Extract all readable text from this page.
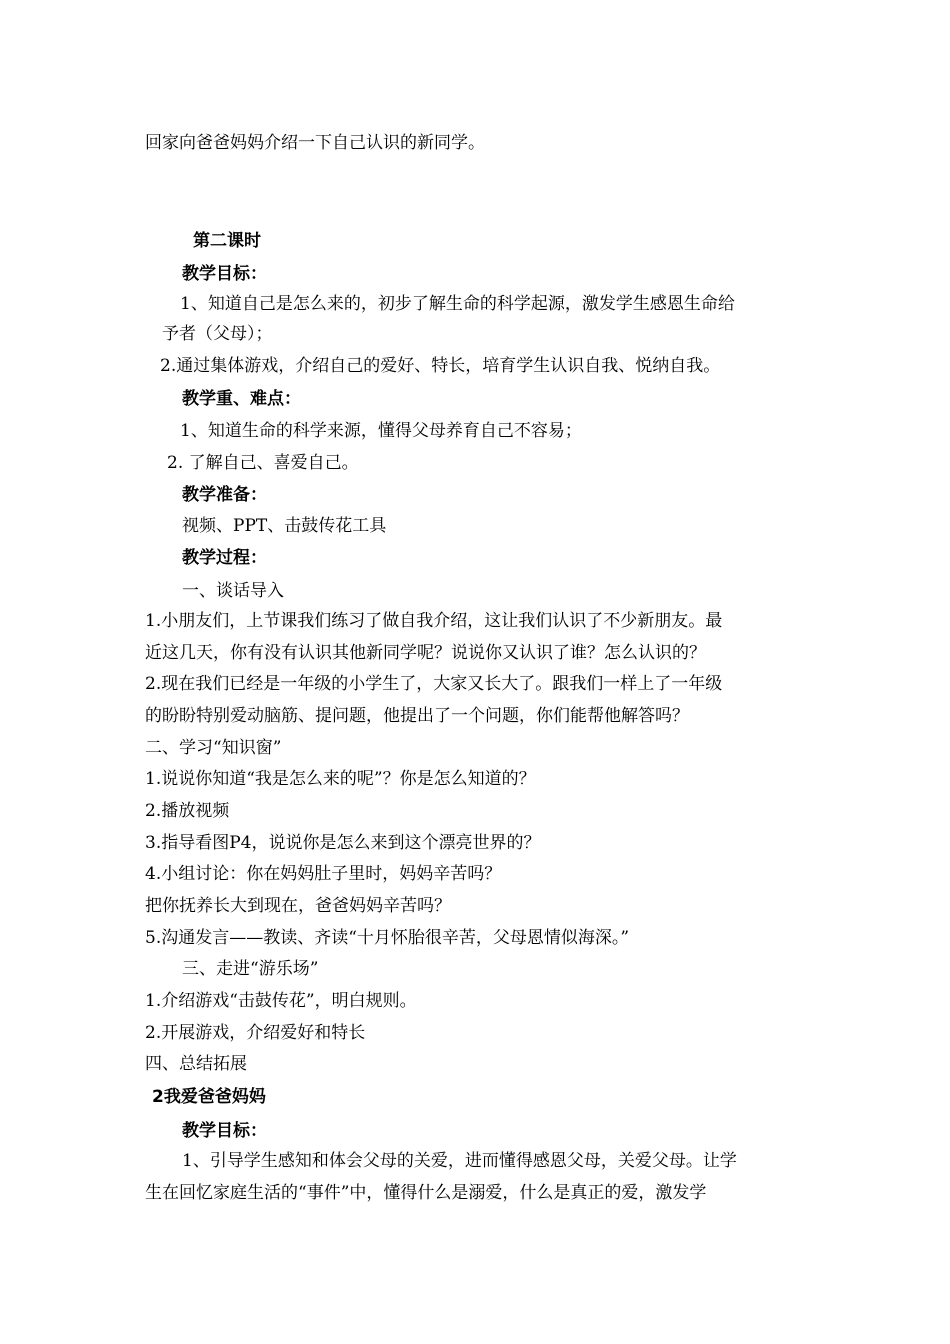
回家向爸爸妈妈介绍一下自己认识的新同学。
第二课时
教学目标：
1、知道自己是怎么来的，初步了解生命的科学起源，激发学生感恩生命给
予者（父母）；
2.通过集体游戏，介绍自己的爱好、特长，培育学生认识自我、悦纳自我。
教学重、难点：
1、知道生命的科学来源，懂得父母养育自己不容易；
2. 了解自己、喜爱自己。
教学准备：
视频、PPT、击鼓传花工具
教学过程：
一、谈话导入
1.小朋友们，上节课我们练习了做自我介绍，这让我们认识了不少新朋友。最
近这几天，你有没有认识其他新同学呢？说说你又认识了谁？怎么认识的？
2.现在我们已经是一年级的小学生了，大家又长大了。跟我们一样上了一年级
的盼盼特别爱动脑筋、提问题，他提出了一个问题，你们能帮他解答吗？
二、学习“知识窗”
1.说说你知道“我是怎么来的呢”？你是怎么知道的？
2.播放视频
3.指导看图P4，说说你是怎么来到这个漂亮世界的？
4.小组讨论：你在妈妈肚子里时，妈妈辛苦吗？
把你抚养长大到现在，爸爸妈妈辛苦吗？
5.沟通发言——教读、齐读“十月怀胎很辛苦，父母恩情似海深。”
三、走进“游乐场”
1.介绍游戏“击鼓传花”，明白规则。
2.开展游戏，介绍爱好和特长
四、总结拓展
2我爱爸爸妈妈
教学目标：
1、引导学生感知和体会父母的关爱，进而懂得感恩父母，关爱父母。让学
生在回忆家庭生活的“事件”中，懂得什么是溺爱，什么是真正的爱，激发学
